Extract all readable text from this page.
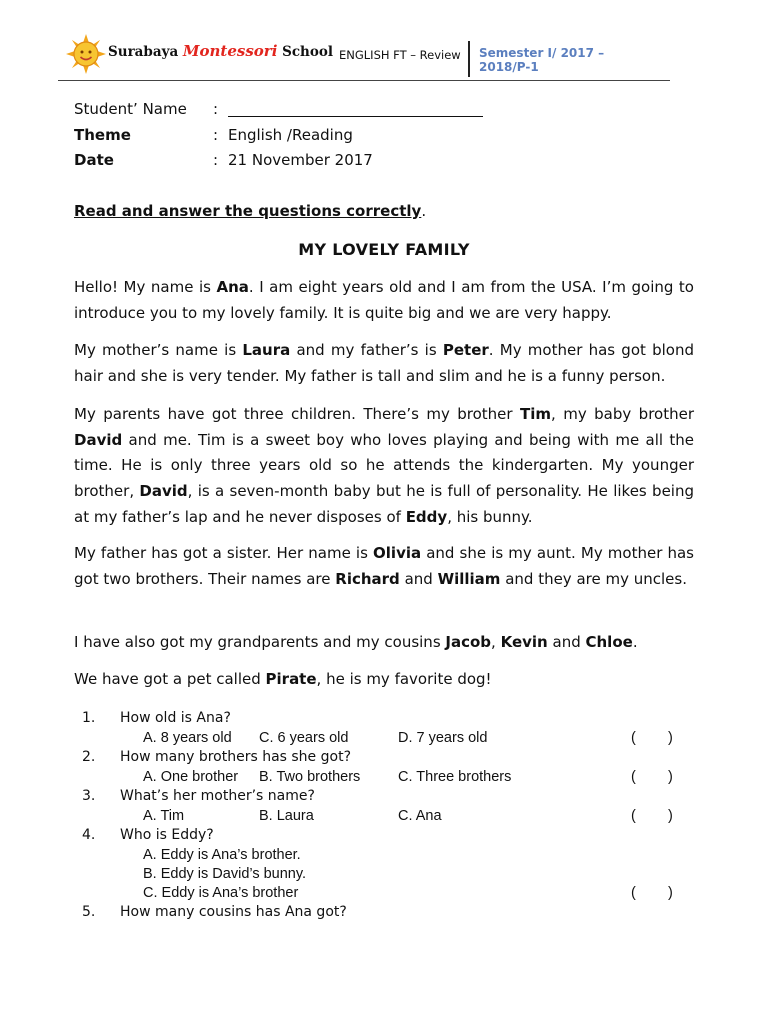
Surabaya Montessori School ENGLISH FT – Review Semester I/ 2017 –
2018/P-1
Student’ Name :
Theme	: English /Reading
Date	: 21 November 2017
Read and answer the questions correctly.
MY LOVELY FAMILY
Hello! My name is Ana. I am eight years old and I am from the USA. I’m going to introduce you to my lovely family. It is quite big and we are very happy.
My mother’s name is Laura and my father’s is Peter. My mother has got blond hair and she is very tender. My father is tall and slim and he is a funny person.
My parents have got three children. There’s my brother Tim, my baby brother David and me. Tim is a sweet boy who loves playing and being with me all the time. He is only three years old so he attends the kindergarten. My younger brother, David, is a seven-month baby but he is full of personality. He likes being at my father’s lap and he never disposes of Eddy, his bunny.
My father has got a sister. Her name is Olivia and she is my aunt. My mother has got two brothers. Their names are Richard and William and they are my uncles.
I have also got my grandparents and my cousins Jacob, Kevin and Chloe.
We have got a pet called Pirate, he is my favorite dog!
1. How old is Ana?
A. 8 years old C. 6 years old	D. 7 years old	(        )
2. How many brothers has she got?
A. One brother B. Two brothers	C. Three brothers	(        )
3. What’s her mother’s name?
A. Tim	B. Laura	C. Ana	(        )
4. Who is Eddy?
A. Eddy is Ana’s brother.
B. Eddy is David’s bunny.
C. Eddy is Ana’s brother	(        )
5. How many cousins has Ana got?
